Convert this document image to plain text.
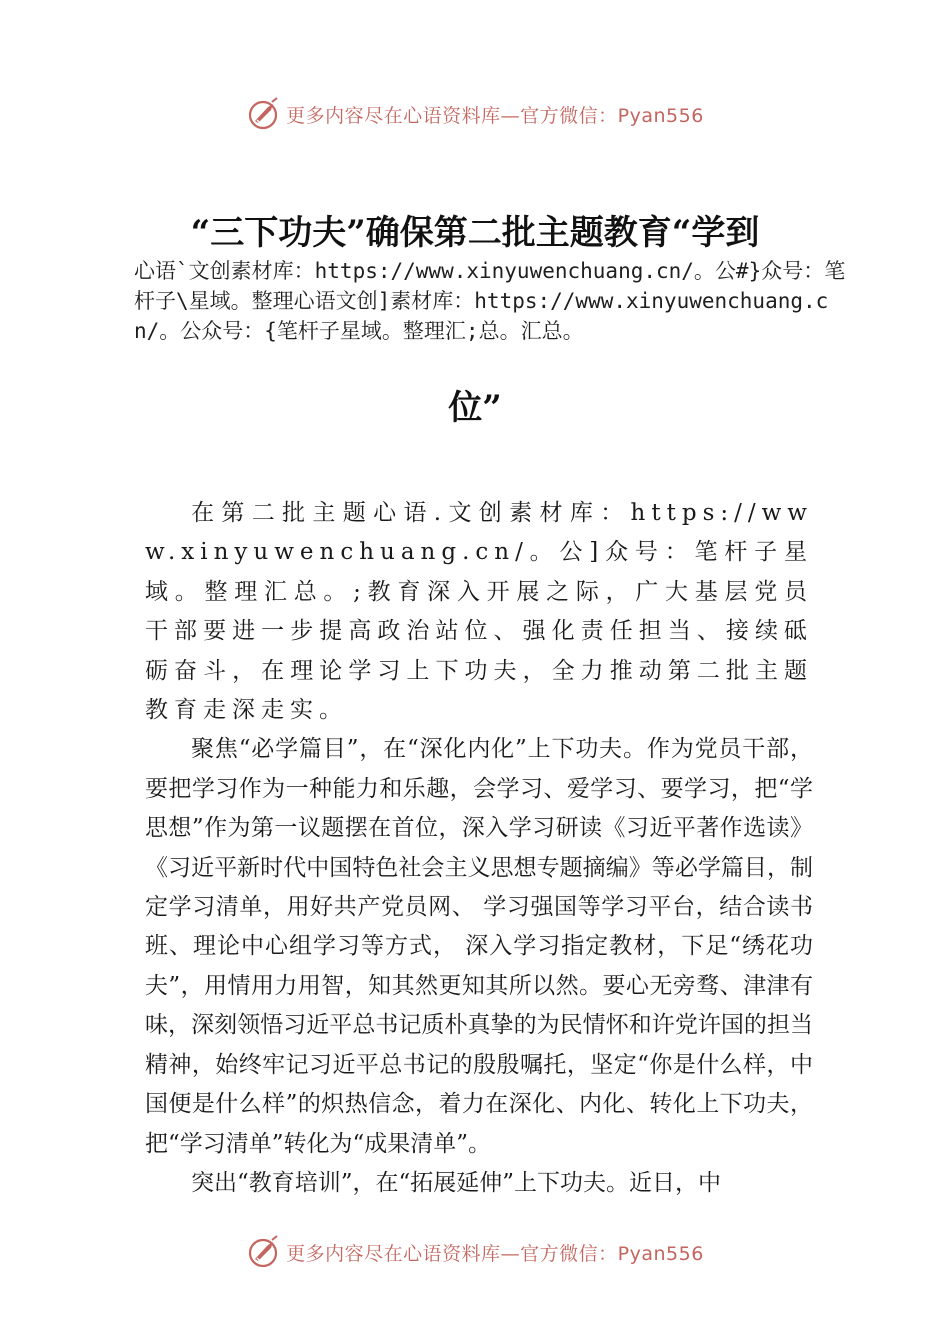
更多内容尽在心语资料库—官方微信：Pyan556
“三下功夫”确保第二批主题教育“学到

心语`文创素材库：https://www.xinyuwenchuang.cn/。公#}众号：笔杆子\星域。整理心语文创]素材库：https://www.xinyuwenchuang.cn/。公众号：{笔杆子星域。整理汇;总。汇总。

位”

在第二批主题心语.文创素材库：https://www.xinyuwenchuang.cn/。公]众号：笔杆子星域。整理汇总。;教育深入开展之际，广大基层党员干部要进一步提高政治站位、强化责任担当、接续砥砺奋斗，在理论学习上下功夫，全力推动第二批主题教育走深走实。

聚焦“必学篇目”，在“深化内化”上下功夫。作为党员干部，要把学习作为一种能力和乐趣，会学习、爱学习、要学习，把“学思想”作为第一议题摆在首位，深入学习研读《习近平著作选读》《习近平新时代中国特色社会主义思想专题摘编》等必学篇目，制定学习清单，用好共产党员网、 学习强国等学习平台，结合读书班、理论中心组学习等方式， 深入学习指定教材，下足“绣花功夫”，用情用力用智，知其然更知其所以然。要心无旁骛、津津有味，深刻领悟习近平总书记质朴真挚的为民情怀和许党许国的担当精神，始终牢记习近平总书记的殷殷嘱托，坚定“你是什么样，中国便是什么样”的炽热信念，着力在深化、内化、转化上下功夫， 把“学习清单”转化为“成果清单”。

突出“教育培训”，在“拓展延伸”上下功夫。近日，中

更多内容尽在心语资料库—官方微信：Pyan556
